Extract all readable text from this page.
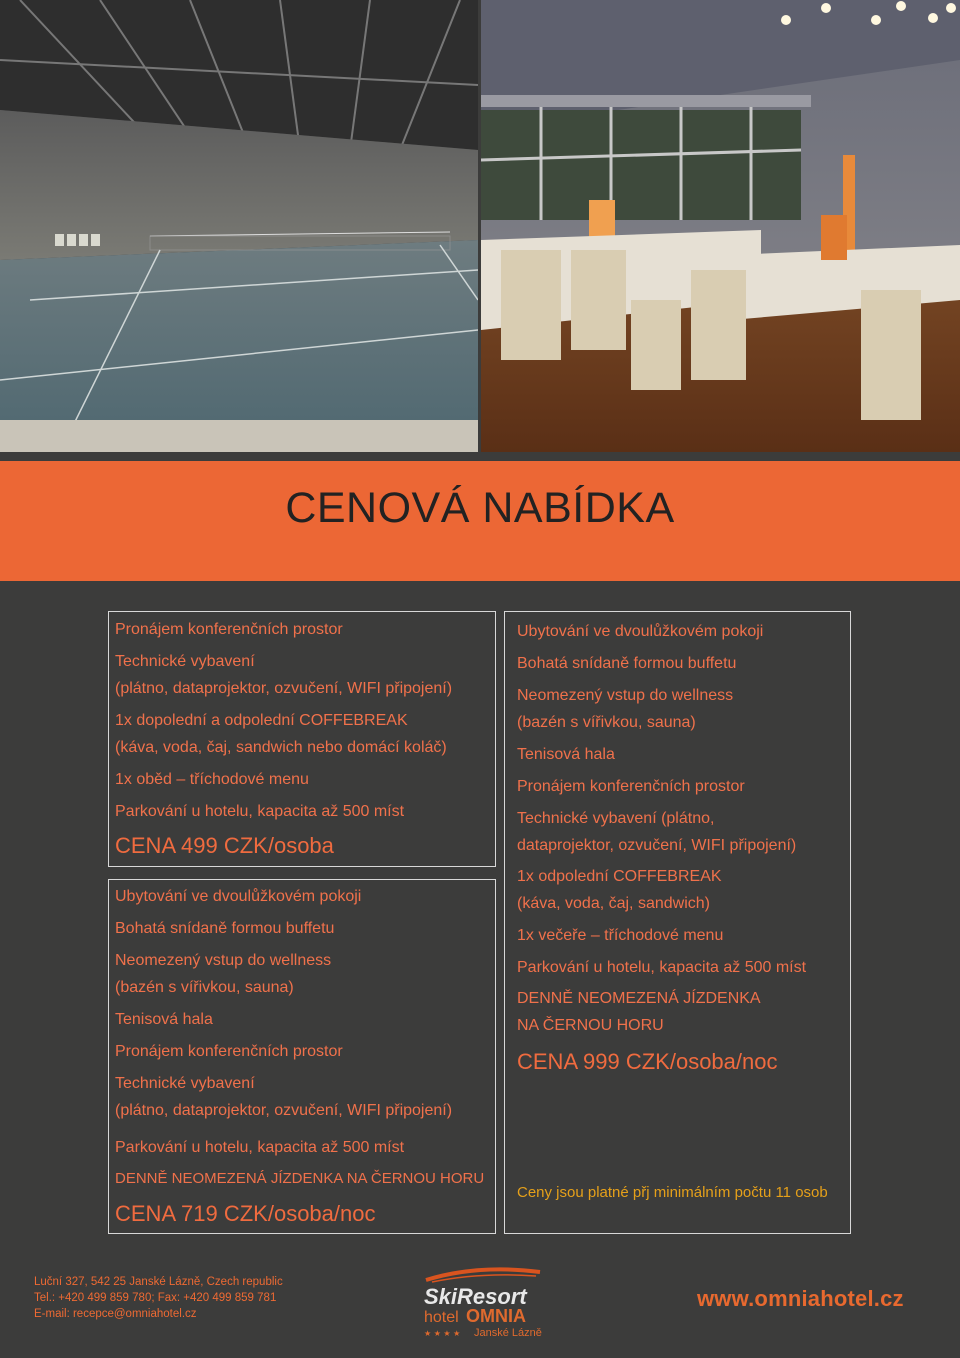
CENOVÁ NABÍDKA
Pronájem konferenčních prostor
Technické vybavení
(plátno, dataprojektor, ozvučení, WIFI připojení)
1x dopolední a odpolední COFFEBREAK
(káva, voda, čaj, sandwich nebo domácí koláč)
1x oběd – tříchodové menu
Parkování u hotelu, kapacita až 500 míst
CENA 499 CZK/osoba
Ubytování ve dvoulůžkovém pokoji
Bohatá snídaně formou buffetu
Neomezený vstup do wellness
(bazén s vířivkou, sauna)
Tenisová hala
Pronájem konferenčních prostor
Technické vybavení
(plátno, dataprojektor, ozvučení, WIFI připojení)
Parkování u hotelu, kapacita až 500 míst
DENNĚ NEOMEZENÁ JÍZDENKA NA ČERNOU HORU
CENA 719 CZK/osoba/noc
Ubytování ve dvoulůžkovém pokoji
Bohatá snídaně formou buffetu
Neomezený vstup do wellness
(bazén s vířivkou, sauna)
Tenisová hala
Pronájem konferenčních prostor
Technické vybavení (plátno,
dataprojektor, ozvučení, WIFI připojení)
1x odpolední COFFEBREAK
(káva, voda, čaj, sandwich)
1x večeře – tříchodové menu
Parkování u hotelu, kapacita až 500 míst
DENNĚ NEOMEZENÁ JÍZDENKA
NA ČERNOU HORU
CENA 999 CZK/osoba/noc
Ceny jsou platné přj minimálním počtu 11 osob
Luční 327, 542 25 Janské Lázně, Czech republic
Tel.: +420 499 859 780; Fax: +420 499 859 781
E-mail: recepce@omniahotel.cz
SkiResort
hotel OMNIA
★ ★ ★ ★ Janské Lázně
www.omniahotel.cz
